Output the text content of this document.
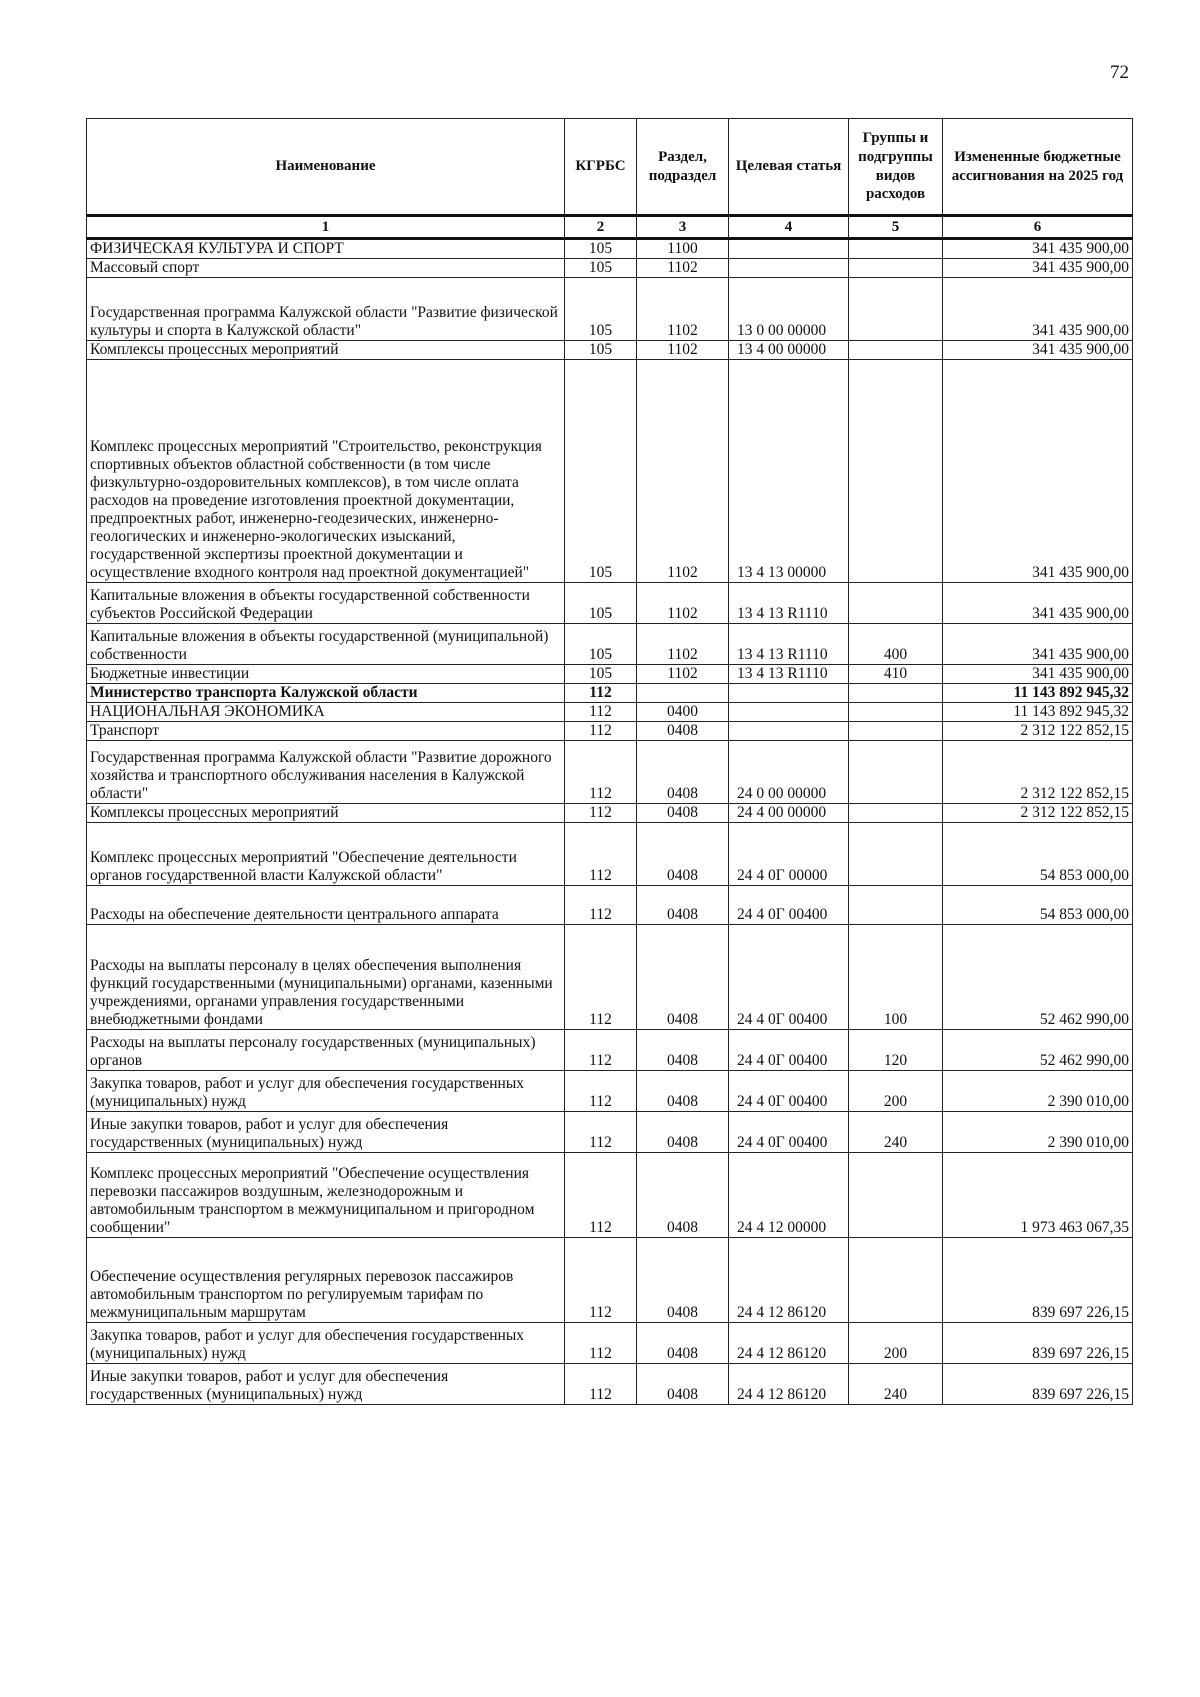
72
Наименование	КГРБС	Раздел, подраздел	Целевая статья	Группы и подгруппы видов расходов	Измененные бюджетные ассигнования на 2025 год
1	2	3	4	5	6
ФИЗИЧЕСКАЯ КУЛЬТУРА И СПОРТ	105	1100			341 435 900,00
Массовый спорт	105	1102			341 435 900,00
Государственная программа Калужской области "Развитие физической культуры и спорта в Калужской области"	105	1102	13 0 00 00000		341 435 900,00
Комплексы процессных мероприятий	105	1102	13 4 00 00000		341 435 900,00
Комплекс процессных мероприятий "Строительство, реконструкция спортивных объектов областной собственности (в том числе физкультурно-оздоровительных комплексов), в том числе оплата расходов на проведение изготовления проектной документации, предпроектных работ, инженерно-геодезических, инженерно-геологических и инженерно-экологических изысканий, государственной экспертизы проектной документации и осуществление входного контроля над проектной документацией"	105	1102	13 4 13 00000		341 435 900,00
Капитальные вложения в объекты государственной собственности субъектов Российской Федерации	105	1102	13 4 13 R1110		341 435 900,00
Капитальные вложения в объекты государственной (муниципальной) собственности	105	1102	13 4 13 R1110	400	341 435 900,00
Бюджетные инвестиции	105	1102	13 4 13 R1110	410	341 435 900,00
Министерство транспорта Калужской области	112				11 143 892 945,32
НАЦИОНАЛЬНАЯ ЭКОНОМИКА	112	0400			11 143 892 945,32
Транспорт	112	0408			2 312 122 852,15
Государственная программа Калужской области "Развитие дорожного хозяйства и транспортного обслуживания населения в Калужской области"	112	0408	24 0 00 00000		2 312 122 852,15
Комплексы процессных мероприятий	112	0408	24 4 00 00000		2 312 122 852,15
Комплекс процессных мероприятий "Обеспечение деятельности органов государственной власти Калужской области"	112	0408	24 4 0Г 00000		54 853 000,00
Расходы на обеспечение деятельности центрального аппарата	112	0408	24 4 0Г 00400		54 853 000,00
Расходы на выплаты персоналу в целях обеспечения выполнения функций государственными (муниципальными) органами, казенными учреждениями, органами управления государственными внебюджетными фондами	112	0408	24 4 0Г 00400	100	52 462 990,00
Расходы на выплаты персоналу государственных (муниципальных) органов	112	0408	24 4 0Г 00400	120	52 462 990,00
Закупка товаров, работ и услуг для обеспечения государственных (муниципальных) нужд	112	0408	24 4 0Г 00400	200	2 390 010,00
Иные закупки товаров, работ и услуг для обеспечения государственных (муниципальных) нужд	112	0408	24 4 0Г 00400	240	2 390 010,00
Комплекс процессных мероприятий "Обеспечение осуществления перевозки пассажиров воздушным, железнодорожным и автомобильным транспортом в межмуниципальном и пригородном сообщении"	112	0408	24 4 12 00000		1 973 463 067,35
Обеспечение осуществления регулярных перевозок пассажиров автомобильным транспортом по регулируемым тарифам по межмуниципальным маршрутам	112	0408	24 4 12 86120		839 697 226,15
Закупка товаров, работ и услуг для обеспечения государственных (муниципальных) нужд	112	0408	24 4 12 86120	200	839 697 226,15
Иные закупки товаров, работ и услуг для обеспечения государственных (муниципальных) нужд	112	0408	24 4 12 86120	240	839 697 226,15
